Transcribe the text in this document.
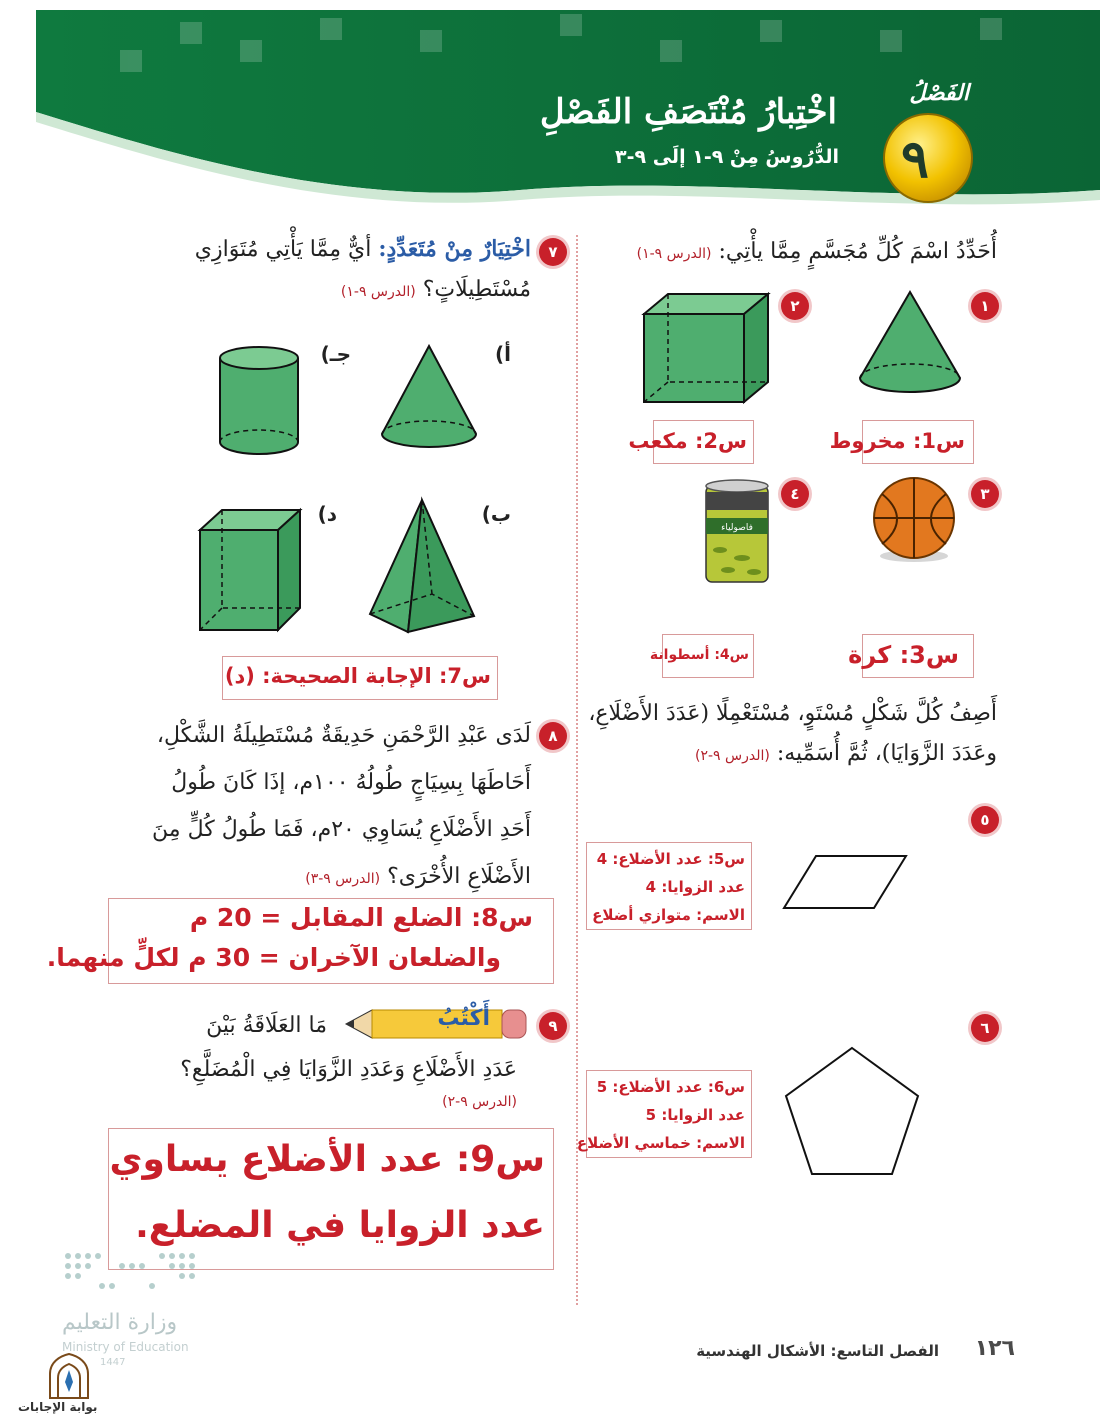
الفَصْلُ
٩
اخْتِبارُ مُنْتَصَفِ الفَصْلِ
الدُّرُوسُ مِنْ ٩-١ إلَى ٩-٣
أُحَدِّدُ اسْمَ كُلِّ مُجَسَّمٍ مِمَّا يأْتِي: (الدرس ٩-١)
١
٢
٣
٤
س1: مخروط
س2: مكعب
فاصولياء
س3: كرة
س4: أسطوانة
أَصِفُ كُلَّ شَكْلٍ مُسْتَوٍ، مُسْتَعْمِلًا (عَدَدَ الأَضْلَاعِ،
وعَدَدَ الزَّوَايَا)، ثُمَّ أُسَمِّيه: (الدرس ٩-٢)
٥
٦
س5: عدد الأضلاع: 4
عدد الزوايا: 4
الاسم: متوازي أضلاع
س6: عدد الأضلاع: 5
عدد الزوايا: 5
الاسم: خماسي الأضلاع
٧
اخْتِيَارٌ مِنْ مُتَعَدِّدٍ: أيٌّ مِمَّا يَأْتِي مُتَوَازِي
مُسْتَطِيلَاتٍ؟ (الدرس ٩-١)
أ)
جـ)
ب)
د)
س7: الإجابة الصحيحة: (د)
٨
لَدَى عَبْدِ الرَّحْمَنِ حَدِيقَةٌ مُسْتَطِيلَةُ الشَّكْلِ،
أَحَاطَهَا بِسِيَاجٍ طُولُهُ ١٠٠م، إذَا كَانَ طُولُ
أَحَدِ الأَضْلَاعِ يُسَاوِي ٢٠م، فَمَا طُولُ كُلٍّ مِنَ
الأَضْلَاعِ الأُخْرَى؟ (الدرس ٩-٣)
س8: الضلع المقابل = 20 م
والضلعان الآخران = 30 م لكلٍّ منهما.
٩
أَكْتُبُ
مَا العَلَاقَةُ بَيْنَ
عَدَدِ الأَضْلَاعِ وَعَدَدِ الزَّوَايَا فِي الْمُضَلَّعِ؟
(الدرس ٩-٢)
س9: عدد الأضلاع يساوي
عدد الزوايا في المضلع.
وزارة التعليم
Ministry of Education
1447
بوابة الإجابات
١٢٦
الفصل التاسع: الأشكال الهندسية
